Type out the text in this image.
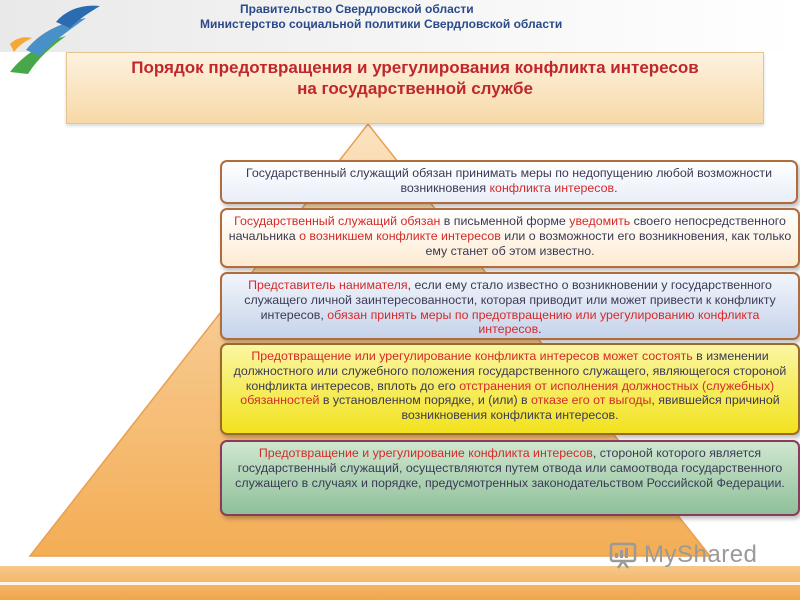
Правительство Свердловской области
Министерство социальной политики Свердловской области
Порядок предотвращения и урегулирования конфликта интересов
на государственной службе
Государственный служащий обязан принимать меры по недопущению любой возможности возникновения конфликта интересов.
Государственный служащий обязан в письменной форме уведомить своего непосредственного начальника о возникшем конфликте интересов или о возможности его возникновения, как только ему станет об этом известно.
Представитель нанимателя, если ему стало известно о возникновении у государственного служащего личной заинтересованности, которая приводит или может привести к конфликту интересов, обязан принять меры по предотвращению или урегулированию конфликта интересов.
Предотвращение или урегулирование конфликта интересов может состоять в изменении должностного или служебного положения государственного служащего, являющегося стороной конфликта интересов, вплоть до его отстранения от исполнения должностных (служебных) обязанностей в установленном порядке, и (или) в отказе его от выгоды, явившейся причиной возникновения конфликта интересов.
Предотвращение и урегулирование конфликта интересов, стороной которого является государственный служащий, осуществляются путем отвода или самоотвода государственного служащего в случаях и порядке, предусмотренных законодательством Российской Федерации.
MyShared
